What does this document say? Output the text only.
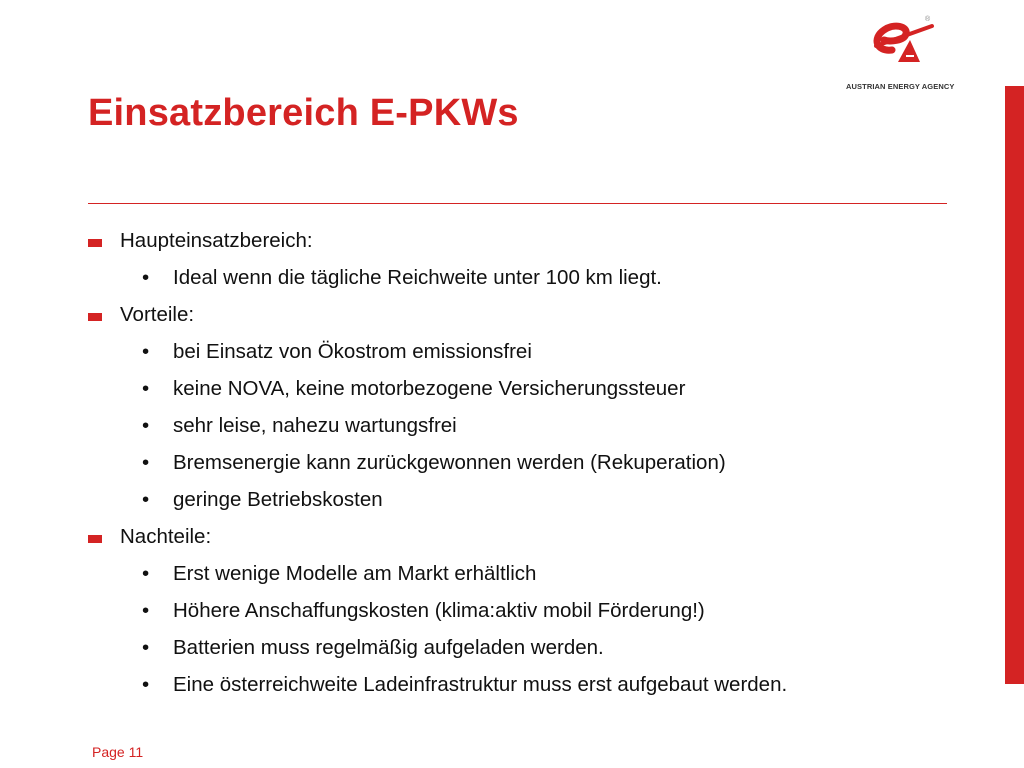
®
AUSTRIAN ENERGY AGENCY
Einsatzbereich E-PKWs
Haupteinsatzbereich:
• Ideal wenn die tägliche Reichweite unter 100 km liegt.
Vorteile:
• bei Einsatz von Ökostrom emissionsfrei
• keine NOVA, keine motorbezogene Versicherungssteuer
• sehr leise, nahezu wartungsfrei
• Bremsenergie kann zurückgewonnen werden (Rekuperation)
• geringe Betriebskosten
Nachteile:
• Erst wenige Modelle am Markt erhältlich
• Höhere Anschaffungskosten (klima:aktiv mobil Förderung!)
• Batterien muss regelmäßig aufgeladen werden.
• Eine österreichweite Ladeinfrastruktur muss erst aufgebaut werden.
Page 11
